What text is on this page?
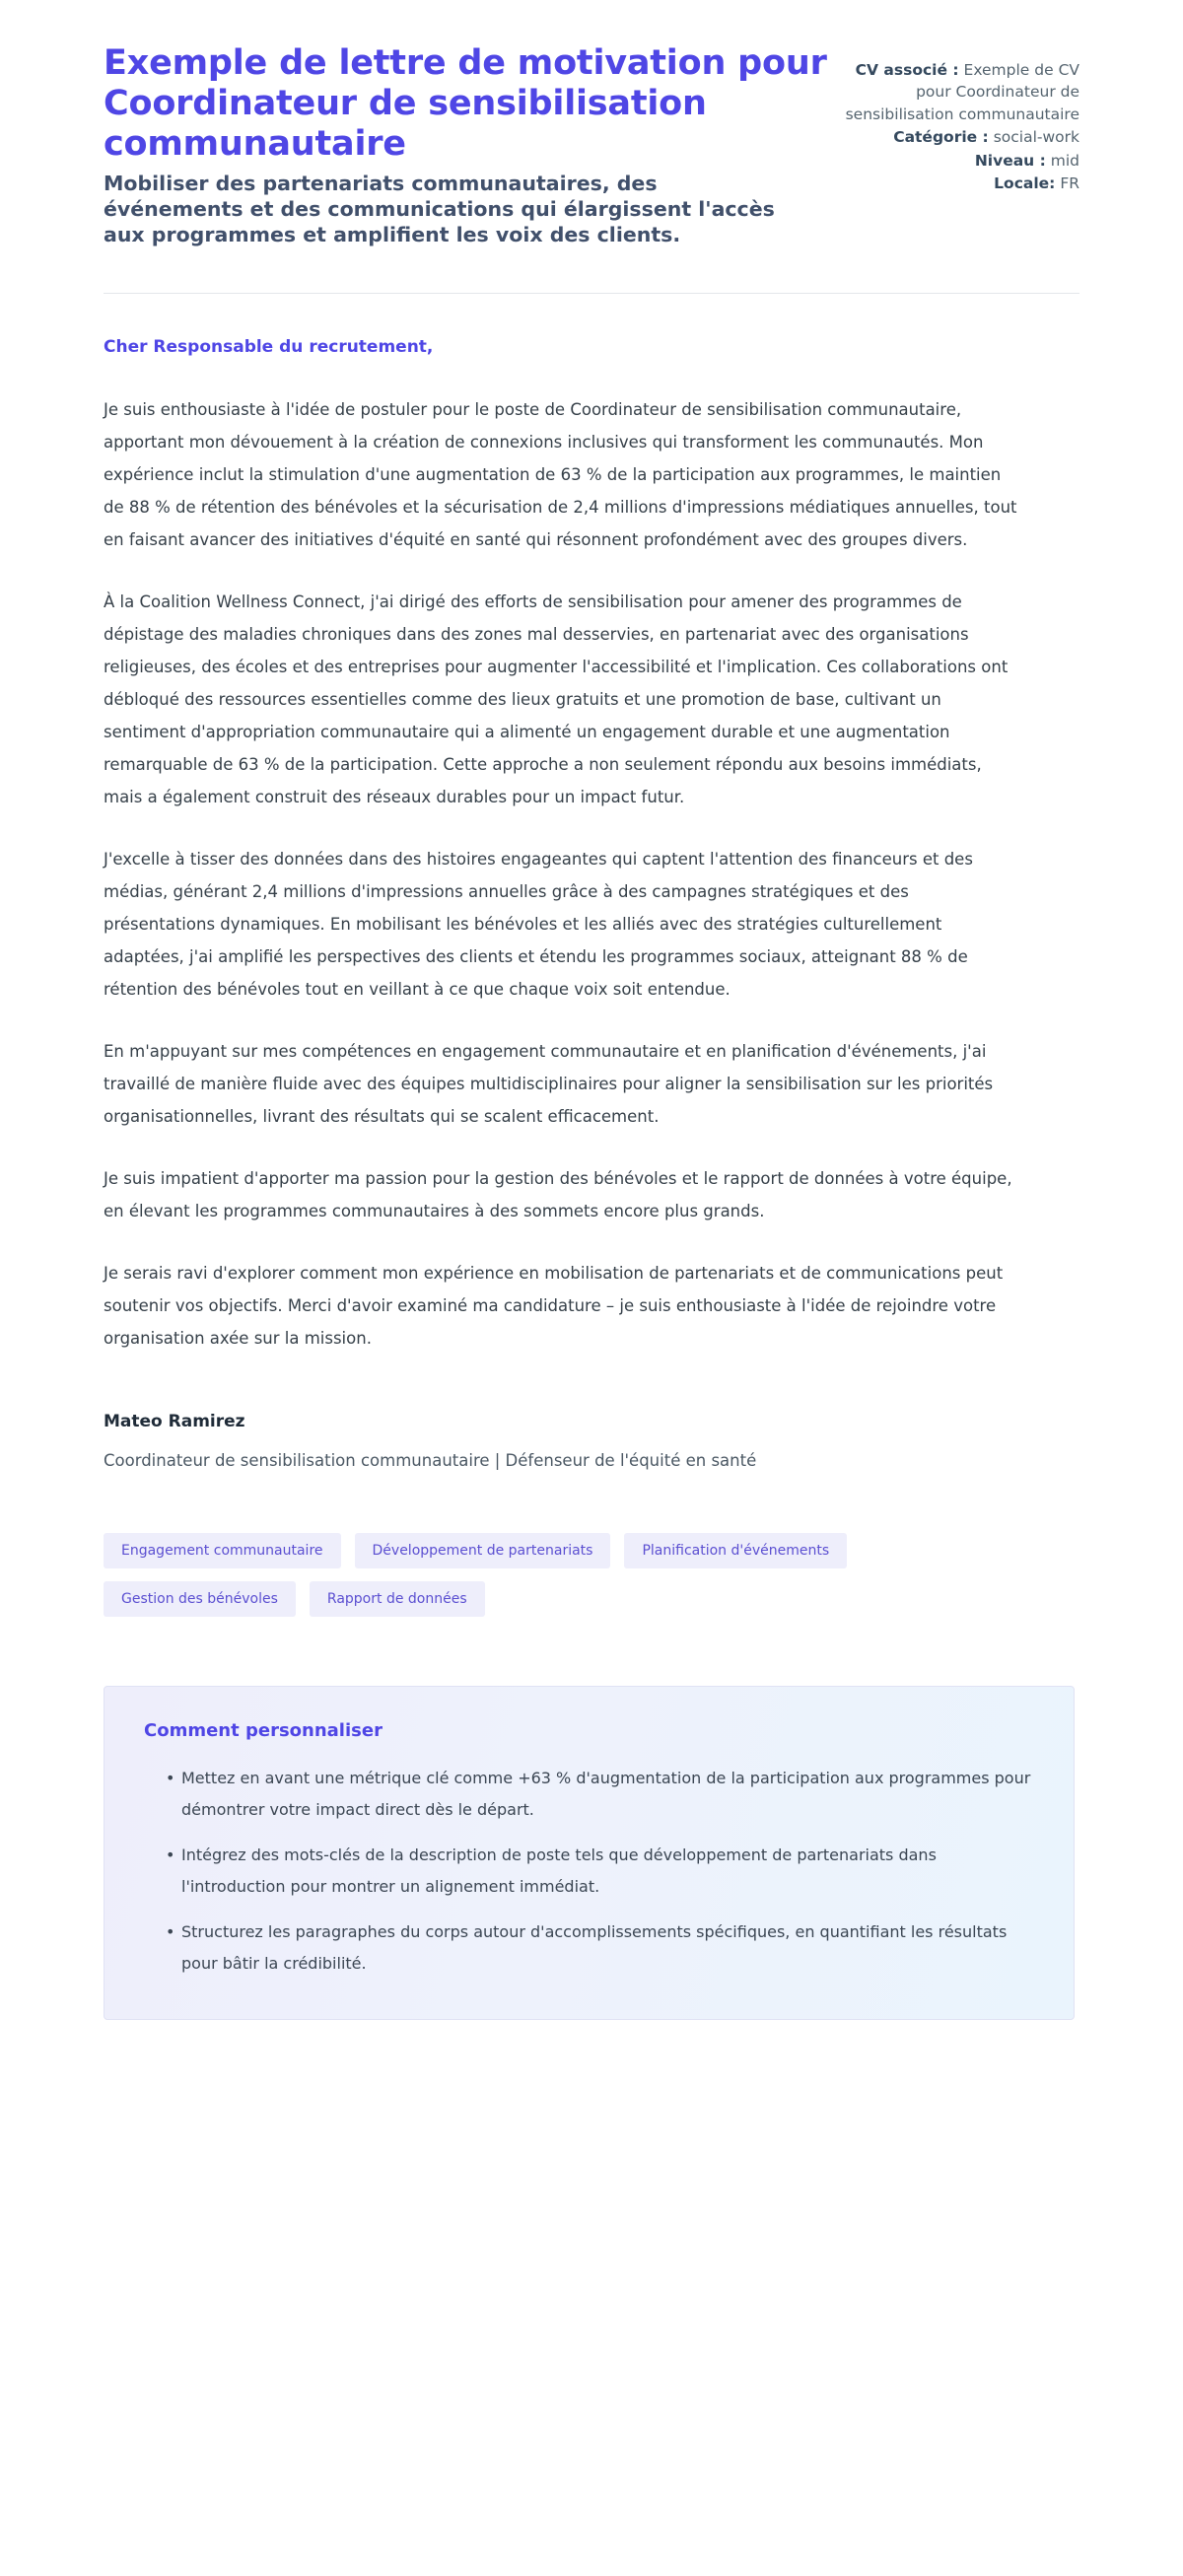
CV associé : Exemple de CV pour Coordinateur de sensibilisation communautaire
Catégorie : social-work
Niveau : mid
Locale: FR
Exemple de lettre de motivation pour Coordinateur de sensibilisation communautaire

Mobiliser des partenariats communautaires, des événements et des communications qui élargissent l'accès aux programmes et amplifient les voix des clients.

Cher Responsable du recrutement,

Je suis enthousiaste à l'idée de postuler pour le poste de Coordinateur de sensibilisation communautaire, apportant mon dévouement à la création de connexions inclusives qui transforment les communautés. Mon expérience inclut la stimulation d'une augmentation de 63 % de la participation aux programmes, le maintien de 88 % de rétention des bénévoles et la sécurisation de 2,4 millions d'impressions médiatiques annuelles, tout en faisant avancer des initiatives d'équité en santé qui résonnent profondément avec des groupes divers.

À la Coalition Wellness Connect, j'ai dirigé des efforts de sensibilisation pour amener des programmes de dépistage des maladies chroniques dans des zones mal desservies, en partenariat avec des organisations religieuses, des écoles et des entreprises pour augmenter l'accessibilité et l'implication. Ces collaborations ont débloqué des ressources essentielles comme des lieux gratuits et une promotion de base, cultivant un sentiment d'appropriation communautaire qui a alimenté un engagement durable et une augmentation remarquable de 63 % de la participation. Cette approche a non seulement répondu aux besoins immédiats, mais a également construit des réseaux durables pour un impact futur.

J'excelle à tisser des données dans des histoires engageantes qui captent l'attention des financeurs et des médias, générant 2,4 millions d'impressions annuelles grâce à des campagnes stratégiques et des présentations dynamiques. En mobilisant les bénévoles et les alliés avec des stratégies culturellement adaptées, j'ai amplifié les perspectives des clients et étendu les programmes sociaux, atteignant 88 % de rétention des bénévoles tout en veillant à ce que chaque voix soit entendue.

En m'appuyant sur mes compétences en engagement communautaire et en planification d'événements, j'ai travaillé de manière fluide avec des équipes multidisciplinaires pour aligner la sensibilisation sur les priorités organisationnelles, livrant des résultats qui se scalent efficacement.

Je suis impatient d'apporter ma passion pour la gestion des bénévoles et le rapport de données à votre équipe, en élevant les programmes communautaires à des sommets encore plus grands.

Je serais ravi d'explorer comment mon expérience en mobilisation de partenariats et de communications peut soutenir vos objectifs. Merci d'avoir examiné ma candidature – je suis enthousiaste à l'idée de rejoindre votre organisation axée sur la mission.

Mateo Ramirez

Coordinateur de sensibilisation communautaire | Défenseur de l'équité en santé

Engagement communautaire	Développement de partenariats	Planification d'événements
Gestion des bénévoles	Rapport de données

Comment personnaliser

• Mettez en avant une métrique clé comme +63 % d'augmentation de la participation aux programmes pour démontrer votre impact direct dès le départ.
• Intégrez des mots-clés de la description de poste tels que développement de partenariats dans l'introduction pour montrer un alignement immédiat.
• Structurez les paragraphes du corps autour d'accomplissements spécifiques, en quantifiant les résultats pour bâtir la crédibilité.
